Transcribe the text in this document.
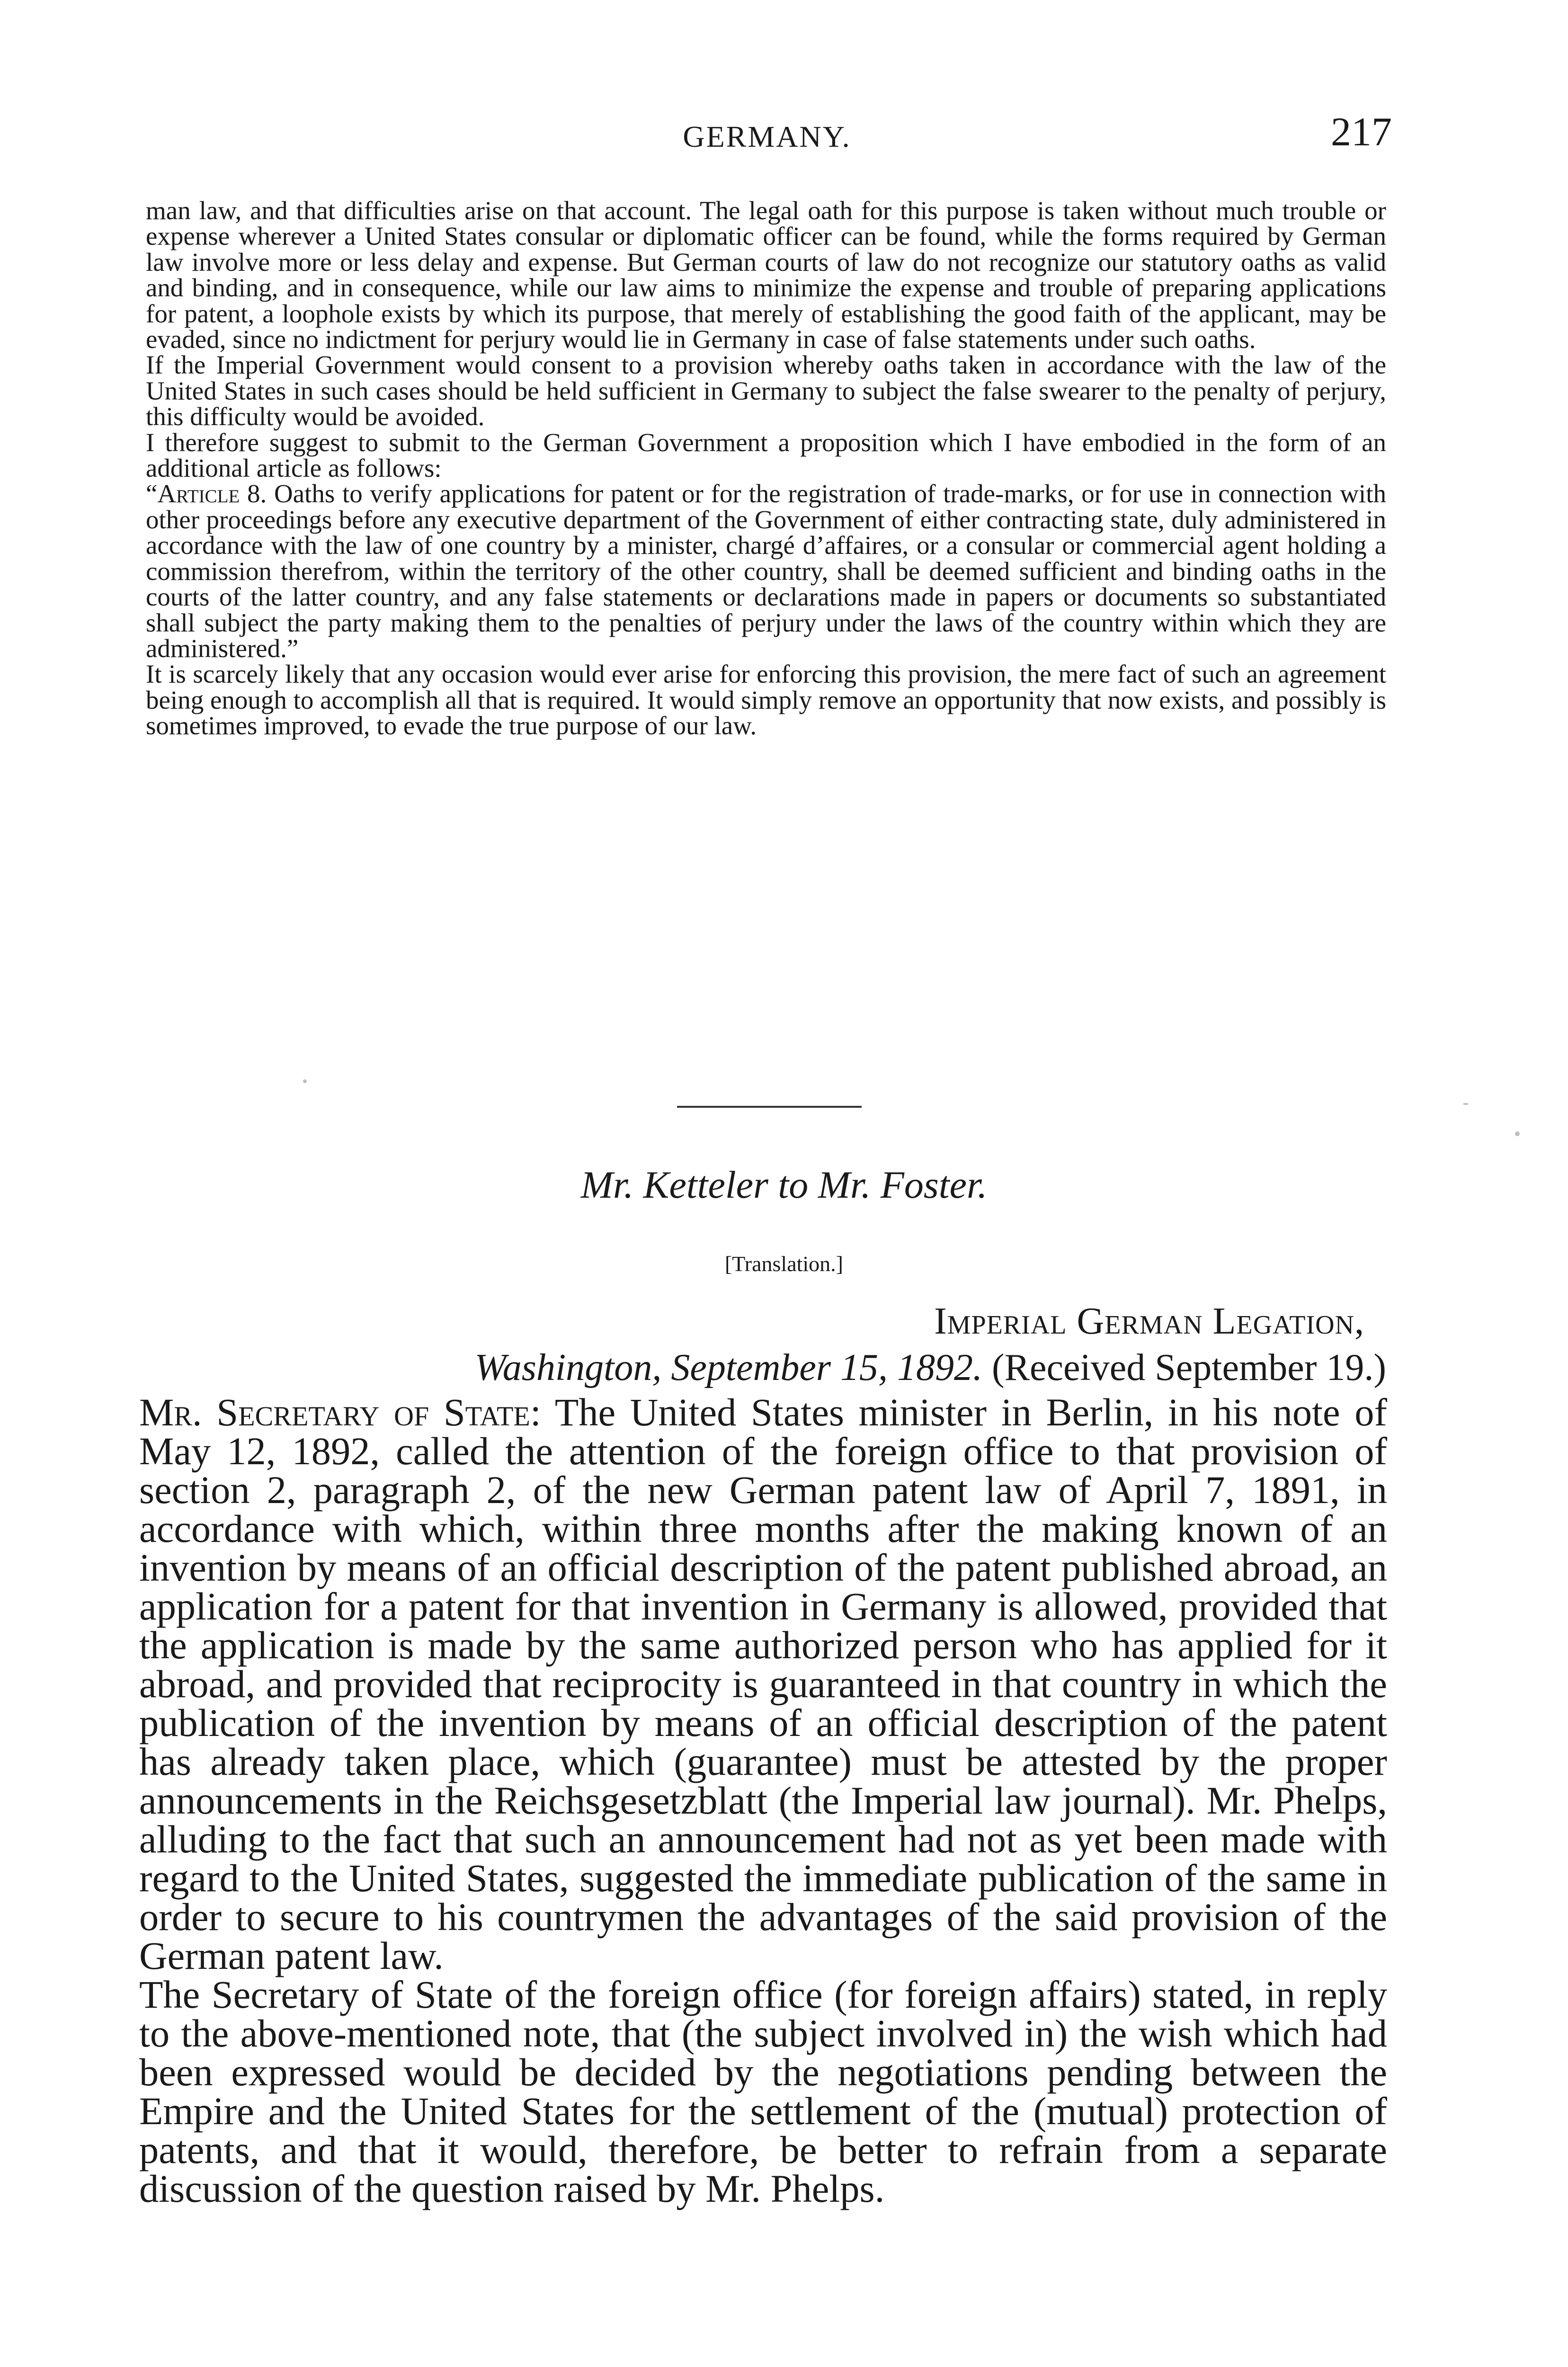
GERMANY.	217

man law, and that difficulties arise on that account. The legal oath for this purpose is taken without much trouble or expense wherever a United States consular or diplomatic officer can be found, while the forms required by German law involve more or less delay and expense. But German courts of law do not recognize our statutory oaths as valid and binding, and in consequence, while our law aims to minimize the expense and trouble of preparing applications for patent, a loophole exists by which its purpose, that merely of establishing the good faith of the applicant, may be evaded, since no indictment for perjury would lie in Germany in case of false statements under such oaths.

If the Imperial Government would consent to a provision whereby oaths taken in accordance with the law of the United States in such cases should be held sufficient in Germany to subject the false swearer to the penalty of perjury, this difficulty would be avoided.

I therefore suggest to submit to the German Government a proposition which I have embodied in the form of an additional article as follows:

“Article 8. Oaths to verify applications for patent or for the registration of trade-marks, or for use in connection with other proceedings before any executive department of the Government of either contracting state, duly administered in accordance with the law of one country by a minister, chargé d’affaires, or a consular or commercial agent holding a commission therefrom, within the territory of the other country, shall be deemed sufficient and binding oaths in the courts of the latter country, and any false statements or declarations made in papers or documents so substantiated shall subject the party making them to the penalties of perjury under the laws of the country within which they are administered.”

It is scarcely likely that any occasion would ever arise for enforcing this provision, the mere fact of such an agreement being enough to accomplish all that is required. It would simply remove an opportunity that now exists, and possibly is sometimes improved, to evade the true purpose of our law.

Mr. Ketteler to Mr. Foster.
[Translation.]
Imperial German Legation,
Washington, September 15, 1892. (Received September 19.)

Mr. Secretary of State: The United States minister in Berlin, in his note of May 12, 1892, called the attention of the foreign office to that provision of section 2, paragraph 2, of the new German patent law of April 7, 1891, in accordance with which, within three months after the making known of an invention by means of an official description of the patent published abroad, an application for a patent for that invention in Germany is allowed, provided that the application is made by the same authorized person who has applied for it abroad, and provided that reciprocity is guaranteed in that country in which the publication of the invention by means of an official description of the patent has already taken place, which (guarantee) must be attested by the proper announcements in the Reichsgesetzblatt (the Imperial law journal). Mr. Phelps, alluding to the fact that such an announcement had not as yet been made with regard to the United States, suggested the immediate publication of the same in order to secure to his countrymen the advantages of the said provision of the German patent law.

The Secretary of State of the foreign office (for foreign affairs) stated, in reply to the above-mentioned note, that (the subject involved in) the wish which had been expressed would be decided by the negotiations pending between the Empire and the United States for the settlement of the (mutual) protection of patents, and that it would, therefore, be better to refrain from a separate discussion of the question raised by Mr. Phelps.
